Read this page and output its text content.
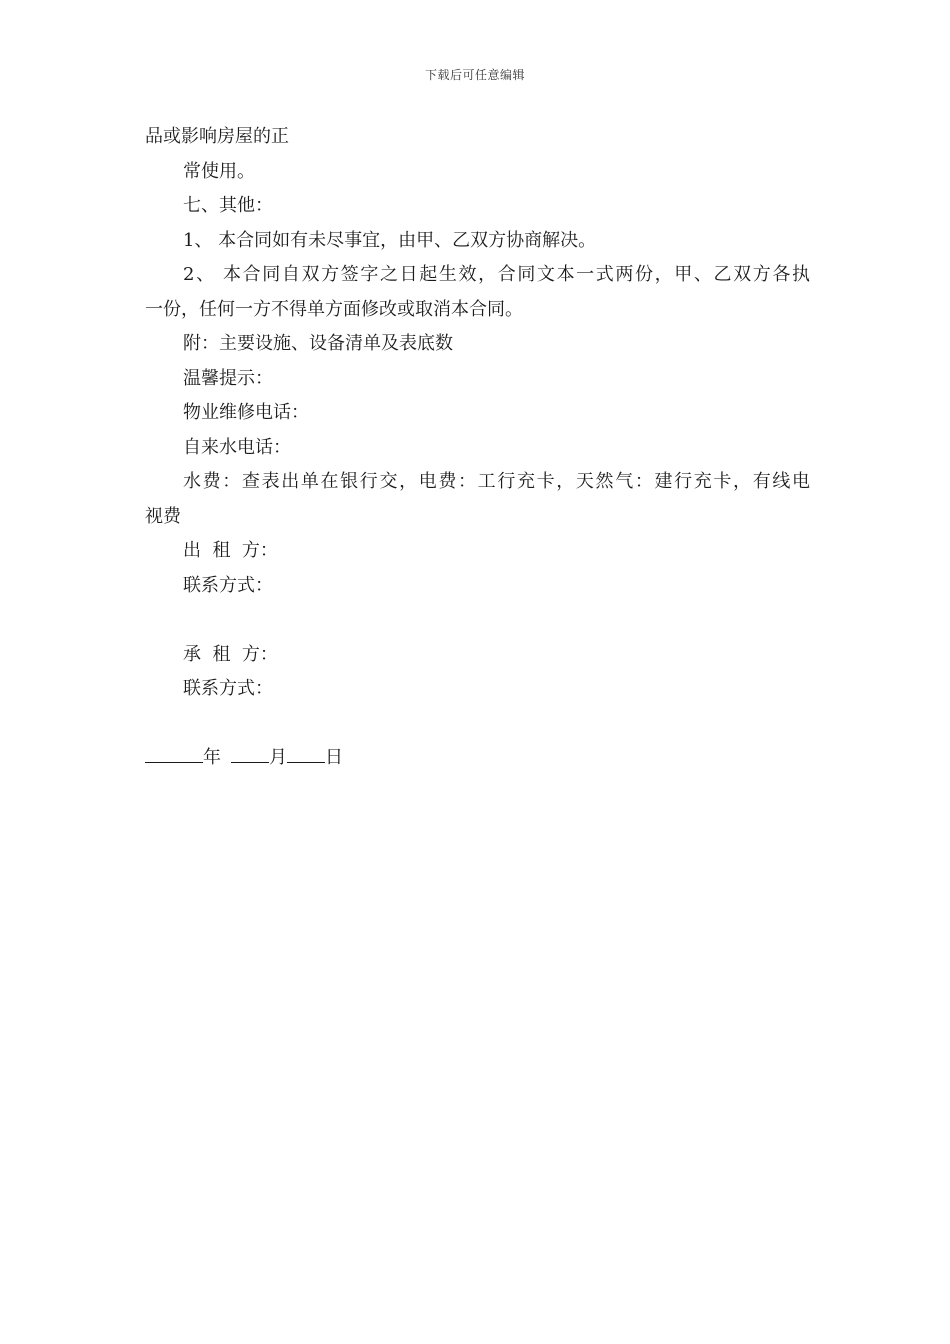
下载后可任意编辑
品或影响房屋的正
常使用。
七、其他：
1、 本合同如有未尽事宜，由甲、乙双方协商解决。
2、 本合同自双方签字之日起生效，合同文本一式两份，甲、乙双方各执
一份，任何一方不得单方面修改或取消本合同。
附：主要设施、设备清单及表底数
温馨提示：
物业维修电话：
自来水电话：
水费：查表出单在银行交，电费：工行充卡，天然气：建行充卡，有线电
视费
出  租  方：
联系方式：
承  租  方：
联系方式：
年	月 日
